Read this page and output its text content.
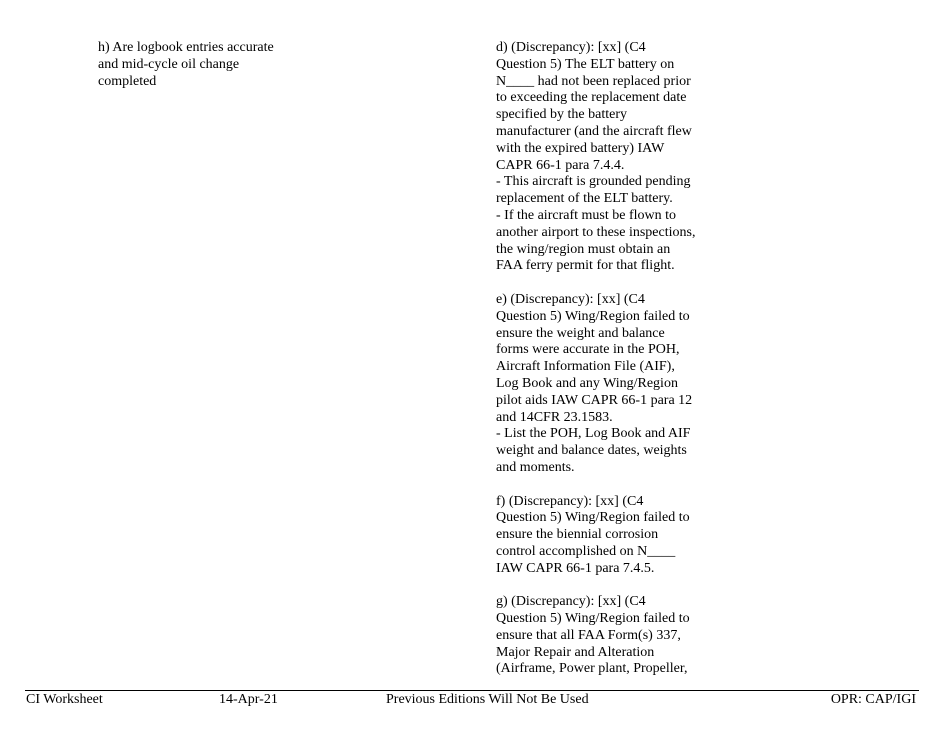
h) Are logbook entries accurate
and mid-cycle oil change
completed

d) (Discrepancy): [xx] (C4
Question 5) The ELT battery on
N____ had not been replaced prior
to exceeding the replacement date
specified by the battery
manufacturer (and the aircraft flew
with the expired battery) IAW
CAPR 66-1 para 7.4.4.
- This aircraft is grounded pending
replacement of the ELT battery.
- If the aircraft must be flown to
another airport to these inspections,
the wing/region must obtain an
FAA ferry permit for that flight.

e) (Discrepancy): [xx] (C4
Question 5) Wing/Region failed to
ensure the weight and balance
forms were accurate in the POH,
Aircraft Information File (AIF),
Log Book and any Wing/Region
pilot aids IAW CAPR 66-1 para 12
and 14CFR 23.1583.
- List the POH, Log Book and AIF
weight and balance dates, weights
and moments.

f) (Discrepancy): [xx] (C4
Question 5) Wing/Region failed to
ensure the biennial corrosion
control accomplished on N____
IAW CAPR 66-1 para 7.4.5.

g) (Discrepancy): [xx] (C4
Question 5) Wing/Region failed to
ensure that all FAA Form(s) 337,
Major Repair and Alteration
(Airframe, Power plant, Propeller,

CI Worksheet	14-Apr-21	Previous Editions Will Not Be Used	OPR: CAP/IGI
